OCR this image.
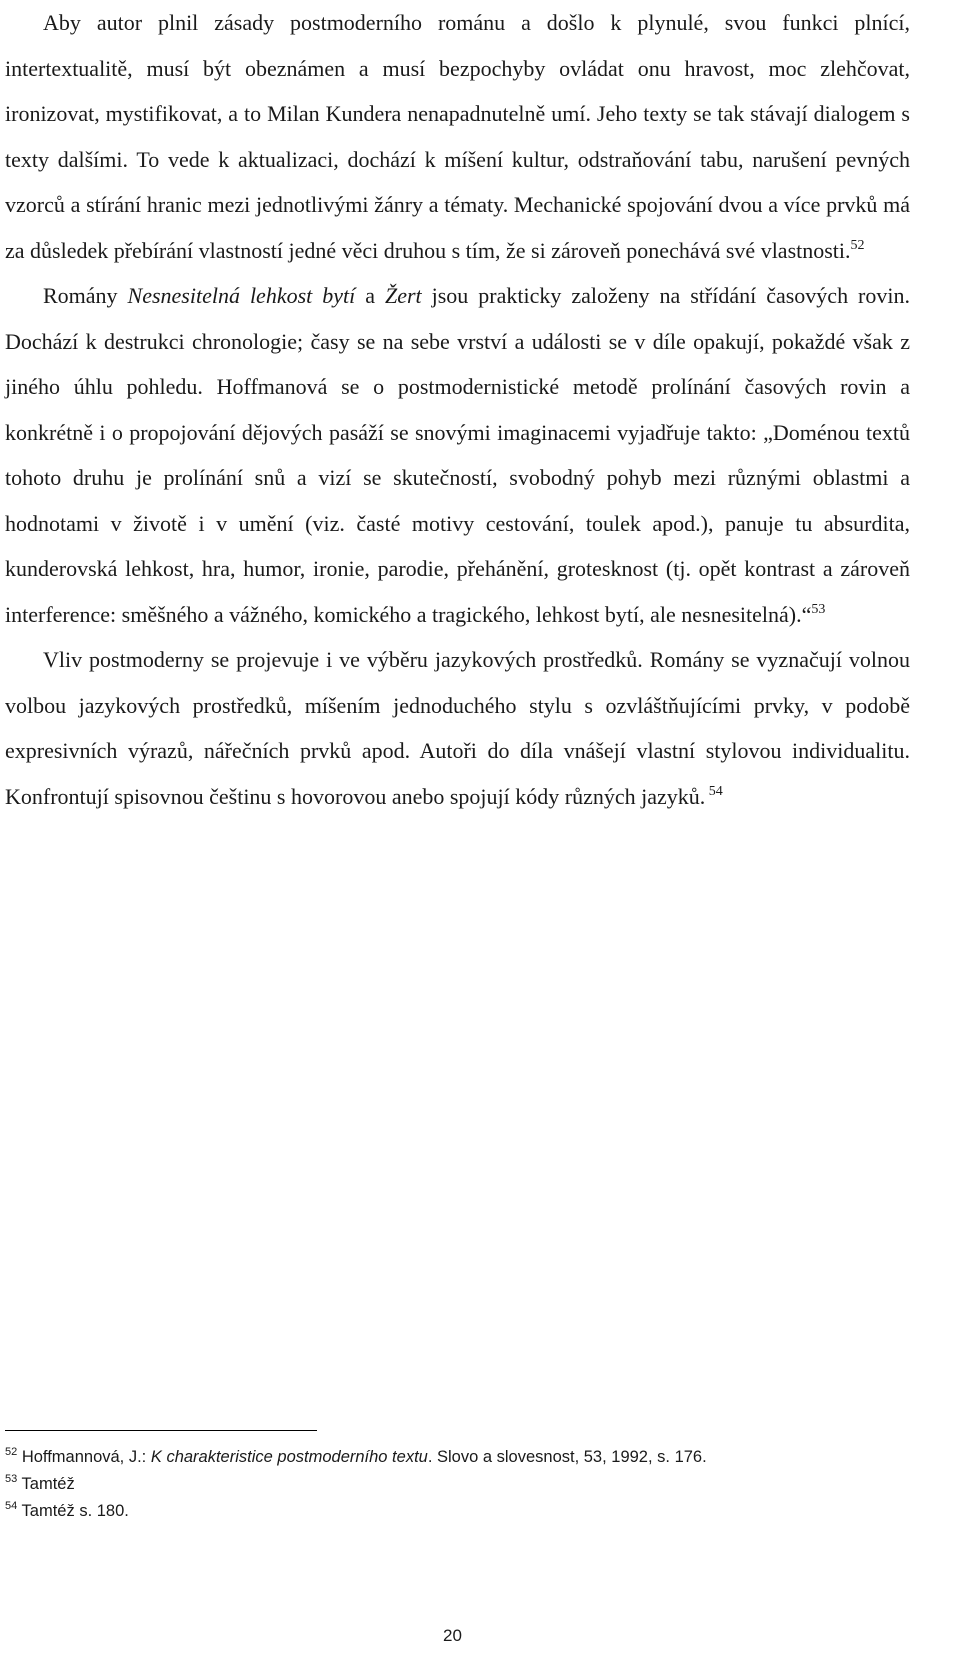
Aby autor plnil zásady postmoderního románu a došlo k plynulé, svou funkci plnící, intertextualitě, musí být obeznámen a musí bezpochyby ovládat onu hravost, moc zlehčovat, ironizovat, mystifikovat, a to Milan Kundera nenapadnutelně umí. Jeho texty se tak stávají dialogem s texty dalšími. To vede k aktualizaci, dochází k míšení kultur, odstraňování tabu, narušení pevných vzorců a stírání hranic mezi jednotlivými žánry a tématy. Mechanické spojování dvou a více prvků má za důsledek přebírání vlastností jedné věci druhou s tím, že si zároveň ponechává své vlastnosti.$^{52}$

Romány Nesnesitelná lehkost bytí a Žert jsou prakticky založeny na střídání časových rovin. Dochází k destrukci chronologie; časy se na sebe vrství a události se v díle opakují, pokaždé však z jiného úhlu pohledu. Hoffmanová se o postmodernistické metodě prolínání časových rovin a konkrétně i o propojování dějových pasáží se snovými imaginacemi vyjadřuje takto: „Doménou textů tohoto druhu je prolínání snů a vizí se skutečností, svobodný pohyb mezi různými oblastmi a hodnotami v životě i v umění (viz. časté motivy cestování, toulek apod.), panuje tu absurdita, kunderovská lehkost, hra, humor, ironie, parodie, přehánění, grotesknost (tj. opět kontrast a zároveň interference: směšného a vážného, komického a tragického, lehkost bytí, ale nesnesitelná).“$^{53}$

Vliv postmoderny se projevuje i ve výběru jazykových prostředků. Romány se vyznačují volnou volbou jazykových prostředků, míšením jednoduchého stylu s ozvláštňujícími prvky, v podobě expresivních výrazů, nářečních prvků apod. Autoři do díla vnášejí vlastní stylovou individualitu. Konfrontují spisovnou češtinu s hovorovou anebo spojují kódy různých jazyků. $^{54}$

$^{52}$ Hoffmannová, J.: K charakteristice postmoderního textu. Slovo a slovesnost, 53, 1992, s. 176.
$^{53}$ Tamtéž
$^{54}$ Tamtéž s. 180.
20
